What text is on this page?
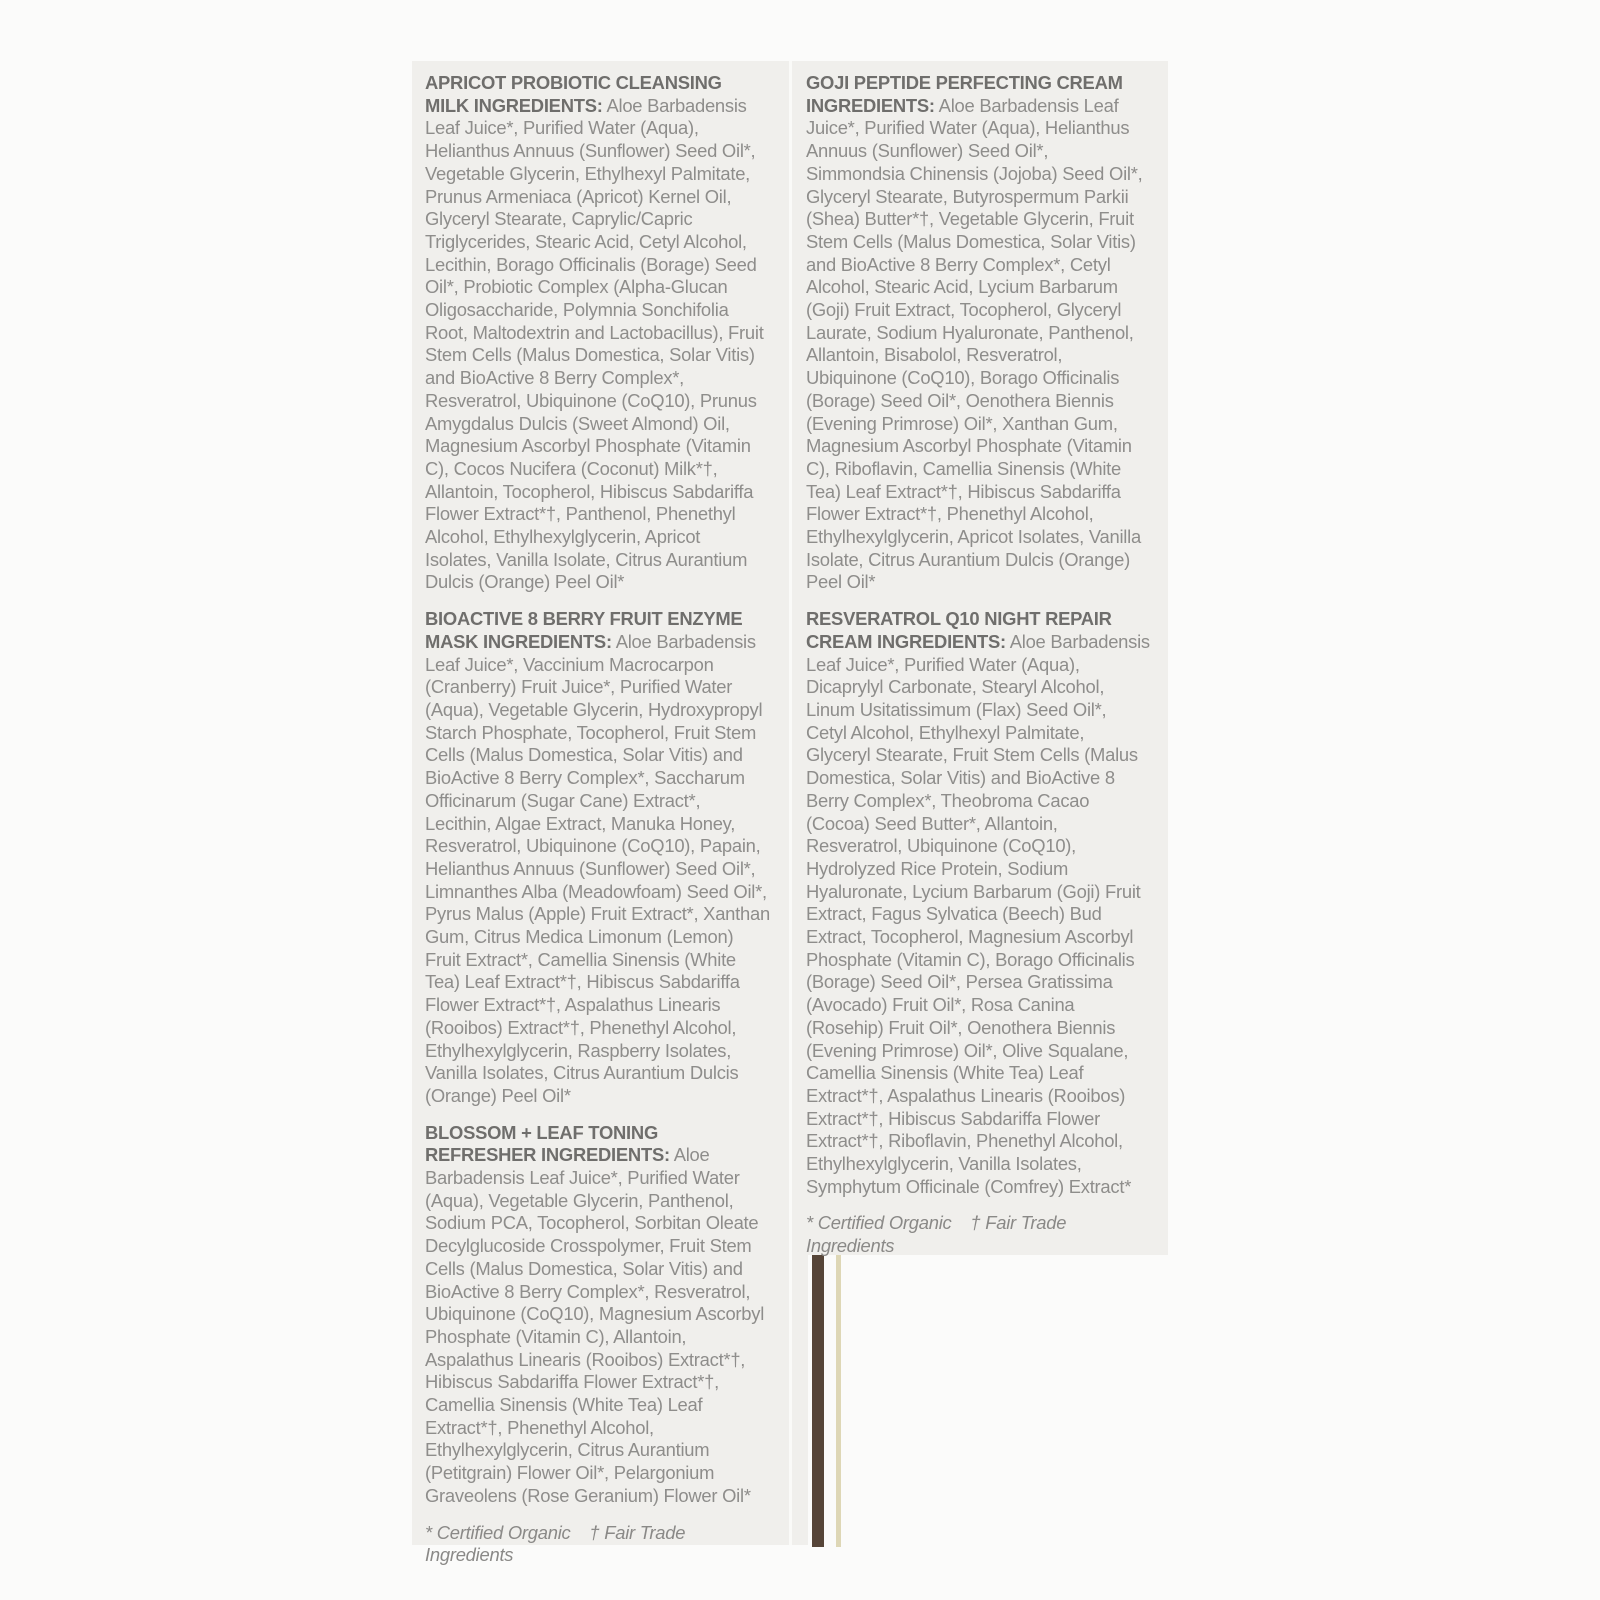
APRICOT PROBIOTIC CLEANSING MILK INGREDIENTS: Aloe Barbadensis Leaf Juice*, Purified Water (Aqua), Helianthus Annuus (Sunflower) Seed Oil*, Vegetable Glycerin, Ethylhexyl Palmitate, Prunus Armeniaca (Apricot) Kernel Oil, Glyceryl Stearate, Caprylic/Capric Triglycerides, Stearic Acid, Cetyl Alcohol, Lecithin, Borago Officinalis (Borage) Seed Oil*, Probiotic Complex (Alpha-Glucan Oligosaccharide, Polymnia Sonchifolia Root, Maltodextrin and Lactobacillus), Fruit Stem Cells (Malus Domestica, Solar Vitis) and BioActive 8 Berry Complex*, Resveratrol, Ubiquinone (CoQ10), Prunus Amygdalus Dulcis (Sweet Almond) Oil, Magnesium Ascorbyl Phosphate (Vitamin C), Cocos Nucifera (Coconut) Milk*†, Allantoin, Tocopherol, Hibiscus Sabdariffa Flower Extract*†, Panthenol, Phenethyl Alcohol, Ethylhexylglycerin, Apricot Isolates, Vanilla Isolate, Citrus Aurantium Dulcis (Orange) Peel Oil*

BIOACTIVE 8 BERRY FRUIT ENZYME MASK INGREDIENTS: Aloe Barbadensis Leaf Juice*, Vaccinium Macrocarpon (Cranberry) Fruit Juice*, Purified Water (Aqua), Vegetable Glycerin, Hydroxypropyl Starch Phosphate, Tocopherol, Fruit Stem Cells (Malus Domestica, Solar Vitis) and BioActive 8 Berry Complex*, Saccharum Officinarum (Sugar Cane) Extract*, Lecithin, Algae Extract, Manuka Honey, Resveratrol, Ubiquinone (CoQ10), Papain, Helianthus Annuus (Sunflower) Seed Oil*, Limnanthes Alba (Meadowfoam) Seed Oil*, Pyrus Malus (Apple) Fruit Extract*, Xanthan Gum, Citrus Medica Limonum (Lemon) Fruit Extract*, Camellia Sinensis (White Tea) Leaf Extract*†, Hibiscus Sabdariffa Flower Extract*†, Aspalathus Linearis (Rooibos) Extract*†, Phenethyl Alcohol, Ethylhexylglycerin, Raspberry Isolates, Vanilla Isolates, Citrus Aurantium Dulcis (Orange) Peel Oil*

BLOSSOM + LEAF TONING REFRESHER INGREDIENTS: Aloe Barbadensis Leaf Juice*, Purified Water (Aqua), Vegetable Glycerin, Panthenol, Sodium PCA, Tocopherol, Sorbitan Oleate Decylglucoside Crosspolymer, Fruit Stem Cells (Malus Domestica, Solar Vitis) and BioActive 8 Berry Complex*, Resveratrol, Ubiquinone (CoQ10), Magnesium Ascorbyl Phosphate (Vitamin C), Allantoin, Aspalathus Linearis (Rooibos) Extract*†, Hibiscus Sabdariffa Flower Extract*†, Camellia Sinensis (White Tea) Leaf Extract*†, Phenethyl Alcohol, Ethylhexylglycerin, Citrus Aurantium (Petitgrain) Flower Oil*, Pelargonium Graveolens (Rose Geranium) Flower Oil*

* Certified Organic † Fair Trade Ingredients

GOJI PEPTIDE PERFECTING CREAM INGREDIENTS: Aloe Barbadensis Leaf Juice*, Purified Water (Aqua), Helianthus Annuus (Sunflower) Seed Oil*, Simmondsia Chinensis (Jojoba) Seed Oil*, Glyceryl Stearate, Butyrospermum Parkii (Shea) Butter*†, Vegetable Glycerin, Fruit Stem Cells (Malus Domestica, Solar Vitis) and BioActive 8 Berry Complex*, Cetyl Alcohol, Stearic Acid, Lycium Barbarum (Goji) Fruit Extract, Tocopherol, Glyceryl Laurate, Sodium Hyaluronate, Panthenol, Allantoin, Bisabolol, Resveratrol, Ubiquinone (CoQ10), Borago Officinalis (Borage) Seed Oil*, Oenothera Biennis (Evening Primrose) Oil*, Xanthan Gum, Magnesium Ascorbyl Phosphate (Vitamin C), Riboflavin, Camellia Sinensis (White Tea) Leaf Extract*†, Hibiscus Sabdariffa Flower Extract*†, Phenethyl Alcohol, Ethylhexylglycerin, Apricot Isolates, Vanilla Isolate, Citrus Aurantium Dulcis (Orange) Peel Oil*

RESVERATROL Q10 NIGHT REPAIR CREAM INGREDIENTS: Aloe Barbadensis Leaf Juice*, Purified Water (Aqua), Dicaprylyl Carbonate, Stearyl Alcohol, Linum Usitatissimum (Flax) Seed Oil*, Cetyl Alcohol, Ethylhexyl Palmitate, Glyceryl Stearate, Fruit Stem Cells (Malus Domestica, Solar Vitis) and BioActive 8 Berry Complex*, Theobroma Cacao (Cocoa) Seed Butter*, Allantoin, Resveratrol, Ubiquinone (CoQ10), Hydrolyzed Rice Protein, Sodium Hyaluronate, Lycium Barbarum (Goji) Fruit Extract, Fagus Sylvatica (Beech) Bud Extract, Tocopherol, Magnesium Ascorbyl Phosphate (Vitamin C), Borago Officinalis (Borage) Seed Oil*, Persea Gratissima (Avocado) Fruit Oil*, Rosa Canina (Rosehip) Fruit Oil*, Oenothera Biennis (Evening Primrose) Oil*, Olive Squalane, Camellia Sinensis (White Tea) Leaf Extract*†, Aspalathus Linearis (Rooibos) Extract*†, Hibiscus Sabdariffa Flower Extract*†, Riboflavin, Phenethyl Alcohol, Ethylhexylglycerin, Vanilla Isolates, Symphytum Officinale (Comfrey) Extract*

* Certified Organic † Fair Trade Ingredients
